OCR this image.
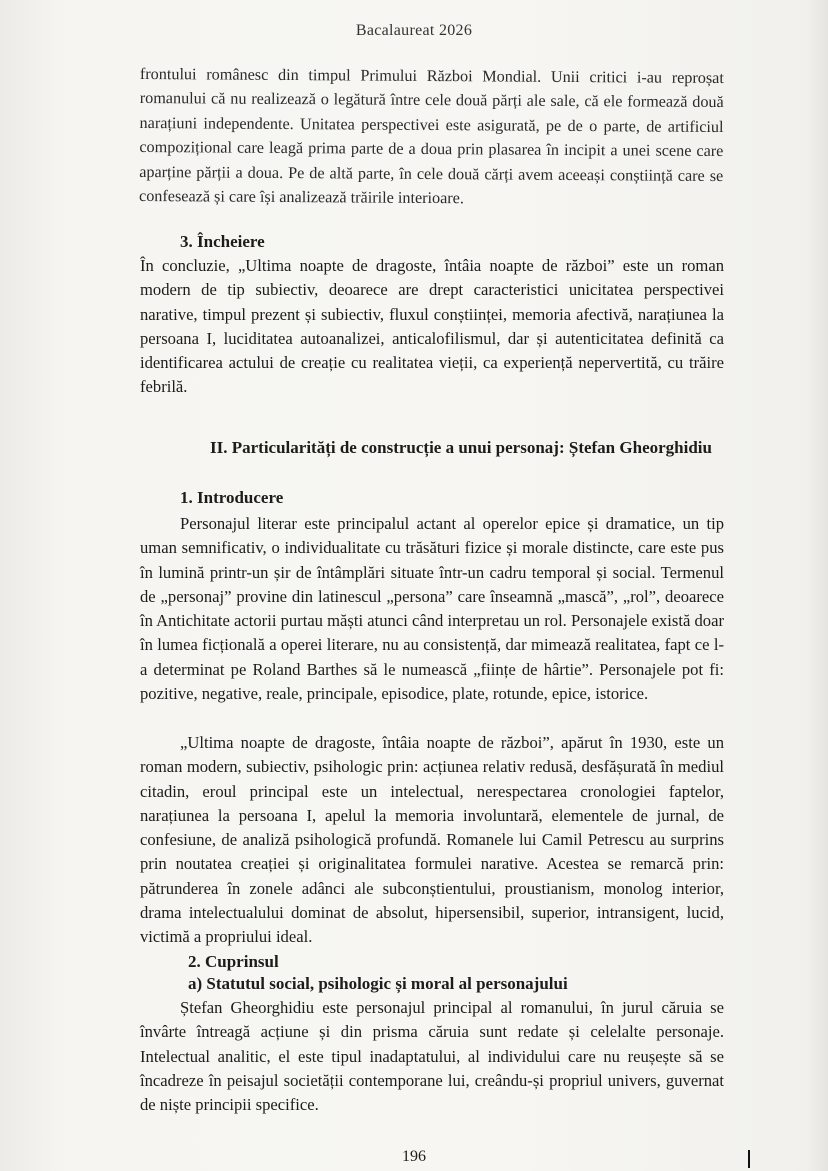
Bacalaureat 2026

frontului românesc din timpul Primului Război Mondial. Unii critici i-au reproșat romanului că nu realizează o legătură între cele două părți ale sale, că ele formează două narațiuni independente. Unitatea perspectivei este asigurată, pe de o parte, de artificiul compozițional care leagă prima parte de a doua prin plasarea în incipit a unei scene care aparține părții a doua. Pe de altă parte, în cele două cărți avem aceeași conștiință care se confesează și care își analizează trăirile interioare.

3. Încheiere

În concluzie, „Ultima noapte de dragoste, întâia noapte de război” este un roman modern de tip subiectiv, deoarece are drept caracteristici unicitatea perspectivei narative, timpul prezent și subiectiv, fluxul conștiinței, memoria afectivă, narațiunea la persoana I, luciditatea autoanalizei, anticalofilismul, dar și autenticitatea definită ca identificarea actului de creație cu realitatea vieții, ca experiență nepervertită, cu trăire febrilă.

II. Particularități de construcție a unui personaj: Ștefan Gheorghidiu
1. Introducere

Personajul literar este principalul actant al operelor epice și dramatice, un tip uman semnificativ, o individualitate cu trăsături fizice și morale distincte, care este pus în lumină printr-un șir de întâmplări situate într-un cadru temporal și social. Termenul de „personaj” provine din latinescul „persona” care înseamnă „mască”, „rol”, deoarece în Antichitate actorii purtau măști atunci când interpretau un rol. Personajele există doar în lumea ficțională a operei literare, nu au consistență, dar mimează realitatea, fapt ce l-a determinat pe Roland Barthes să le numească „ființe de hârtie”. Personajele pot fi: pozitive, negative, reale, principale, episodice, plate, rotunde, epice, istorice.

„Ultima noapte de dragoste, întâia noapte de război”, apărut în 1930, este un roman modern, subiectiv, psihologic prin: acțiunea relativ redusă, desfășurată în mediul citadin, eroul principal este un intelectual, nerespectarea cronologiei faptelor, narațiunea la persoana I, apelul la memoria involuntară, elementele de jurnal, de confesiune, de analiză psihologică profundă. Romanele lui Camil Petrescu au surprins prin noutatea creației și originalitatea formulei narative. Acestea se remarcă prin: pătrunderea în zonele adânci ale subconștientului, proustianism, monolog interior, drama intelectualului dominat de absolut, hipersensibil, superior, intransigent, lucid, victimă a propriului ideal.

2. Cuprinsul
a) Statutul social, psihologic și moral al personajului

Ștefan Gheorghidiu este personajul principal al romanului, în jurul căruia se învârte întreagă acțiune și din prisma căruia sunt redate și celelalte personaje. Intelectual analitic, el este tipul inadaptatului, al individului care nu reușește să se încadreze în peisajul societății contemporane lui, creându-și propriul univers, guvernat de niște principii specifice.

196
